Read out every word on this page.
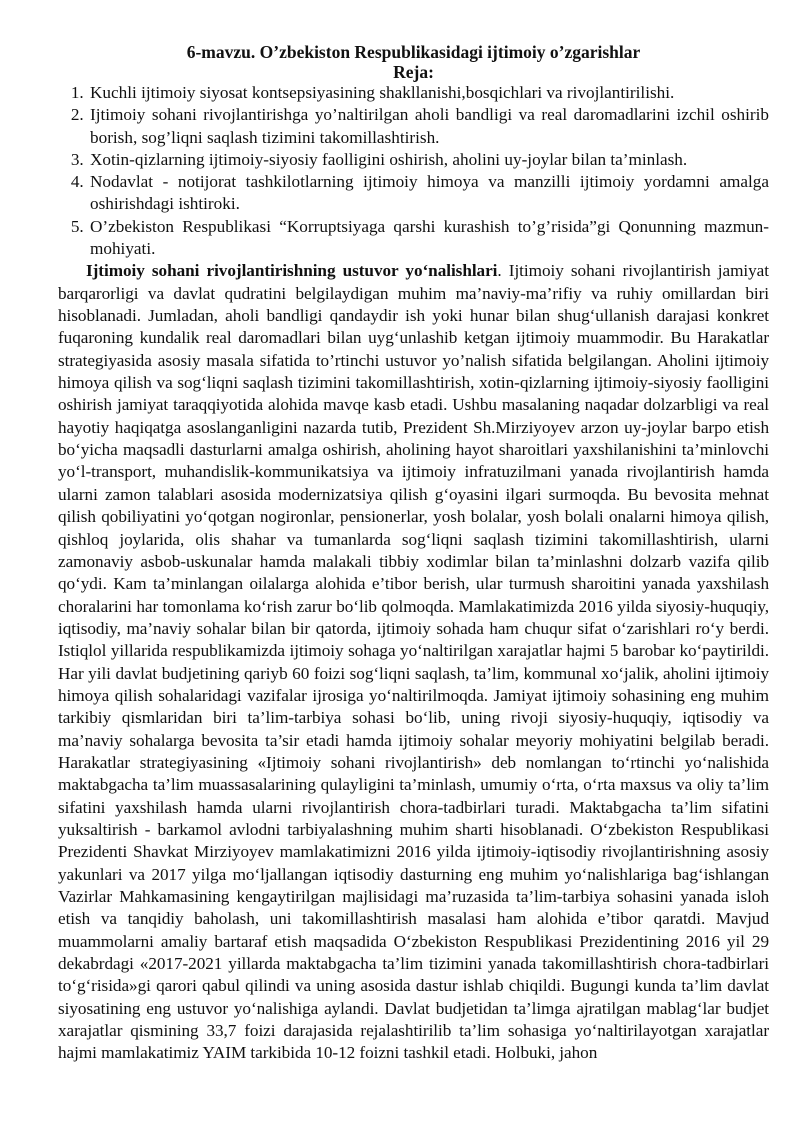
6-mavzu. O’zbekiston Respublikasidagi ijtimoiy o’zgarishlar

Reja:

1. Kuchli ijtimoiy siyosat kontsepsiyasining shakllanishi,bosqichlari va rivojlantirilishi.
2. Ijtimoiy sohani rivojlantirishga yo’naltirilgan aholi bandligi va real daromadlarini izchil oshirib borish, sog’liqni saqlash tizimini takomillashtirish.
3. Xotin-qizlarning ijtimoiy-siyosiy faolligini oshirish, aholini uy-joylar bilan ta’minlash.
4. Nodavlat - notijorat tashkilotlarning ijtimoiy himoya va manzilli ijtimoiy yordamni amalga oshirishdagi ishtiroki.
5. O’zbekiston Respublikasi “Korruptsiyaga qarshi kurashish to’g’risida”gi Qonunning mazmun-mohiyati.

Ijtimoiy sohani rivojlantirishning ustuvor yo‘nalishlari. Ijtimoiy sohani rivojlantirish jamiyat barqarorligi va davlat qudratini belgilaydigan muhim ma’naviy-ma’rifiy va ruhiy omillardan biri hisoblanadi. Jumladan, aholi bandligi qandaydir ish yoki hunar bilan shug‘ullanish darajasi konkret fuqaroning kundalik real daromadlari bilan uyg‘unlashib ketgan ijtimoiy muammodir. Bu Harakatlar strategiyasida asosiy masala sifatida to’rtinchi ustuvor yo’nalish sifatida belgilangan. Aholini ijtimoiy himoya qilish va sog‘liqni saqlash tizimini takomillashtirish, xotin-qizlarning ijtimoiy-siyosiy faolligini oshirish jamiyat taraqqiyotida alohida mavqe kasb etadi. Ushbu masalaning naqadar dolzarbligi va real hayotiy haqiqatga asoslanganligini nazarda tutib, Prezident Sh.Mirziyoyev arzon uy-joylar barpo etish bo‘yicha maqsadli dasturlarni amalga oshirish, aholining hayot sharoitlari yaxshilanishini ta’minlovchi yo‘l-transport, muhandislik-kommunikatsiya va ijtimoiy infratuzilmani yanada rivojlantirish hamda ularni zamon talablari asosida modernizatsiya qilish g‘oyasini ilgari surmoqda. Bu bevosita mehnat qilish qobiliyatini yo‘qotgan nogironlar, pensionerlar, yosh bolalar, yosh bolali onalarni himoya qilish, qishloq joylarida, olis shahar va tumanlarda sog‘liqni saqlash tizimini takomillashtirish, ularni zamonaviy asbob-uskunalar hamda malakali tibbiy xodimlar bilan ta’minlashni dolzarb vazifa qilib qo‘ydi. Kam ta’minlangan oilalarga alohida e’tibor berish, ular turmush sharoitini yanada yaxshilash choralarini har tomonlama ko‘rish zarur bo‘lib qolmoqda. Mamlakatimizda 2016 yilda siyosiy-huquqiy, iqtisodiy, ma’naviy sohalar bilan bir qatorda, ijtimoiy sohada ham chuqur sifat o‘zarishlari ro‘y berdi. Istiqlol yillarida respublikamizda ijtimoiy sohaga yo‘naltirilgan xarajatlar hajmi 5 barobar ko‘paytirildi. Har yili davlat budjetining qariyb 60 foizi sog‘liqni saqlash, ta’lim, kommunal xo‘jalik, aholini ijtimoiy himoya qilish sohalaridagi vazifalar ijrosiga yo‘naltirilmoqda. Jamiyat ijtimoiy sohasining eng muhim tarkibiy qismlaridan biri ta’lim-tarbiya sohasi bo‘lib, uning rivoji siyosiy-huquqiy, iqtisodiy va ma’naviy sohalarga bevosita ta’sir etadi hamda ijtimoiy sohalar meyoriy mohiyatini belgilab beradi. Harakatlar strategiyasining «Ijtimoiy sohani rivojlantirish» deb nomlangan to‘rtinchi yo‘nalishida maktabgacha ta’lim muassasalarining qulayligini ta’minlash, umumiy o‘rta, o‘rta maxsus va oliy ta’lim sifatini yaxshilash hamda ularni rivojlantirish chora-tadbirlari turadi. Maktabgacha ta’lim sifatini yuksaltirish - barkamol avlodni tarbiyalashning muhim sharti hisoblanadi. O‘zbekiston Respublikasi Prezidenti Shavkat Mirziyoyev mamlakatimizni 2016 yilda ijtimoiy-iqtisodiy rivojlantirishning asosiy yakunlari va 2017 yilga mo‘ljallangan iqtisodiy dasturning eng muhim yo‘nalishlariga bag‘ishlangan Vazirlar Mahkamasining kengaytirilgan majlisidagi ma’ruzasida ta’lim-tarbiya sohasini yanada isloh etish va tanqidiy baholash, uni takomillashtirish masalasi ham alohida e’tibor qaratdi. Mavjud muammolarni amaliy bartaraf etish maqsadida O‘zbekiston Respublikasi Prezidentining 2016 yil 29 dekabrdagi «2017-2021 yillarda maktabgacha ta’lim tizimini yanada takomillashtirish chora-tadbirlari to‘g‘risida»gi qarori qabul qilindi va uning asosida dastur ishlab chiqildi. Bugungi kunda ta’lim davlat siyosatining eng ustuvor yo‘nalishiga aylandi. Davlat budjetidan ta’limga ajratilgan mablag‘lar budjet xarajatlar qismining 33,7 foizi darajasida rejalashtirilib ta’lim sohasiga yo‘naltirilayotgan xarajatlar hajmi mamlakatimiz YAIM tarkibida 10-12 foizni tashkil etadi. Holbuki, jahon
